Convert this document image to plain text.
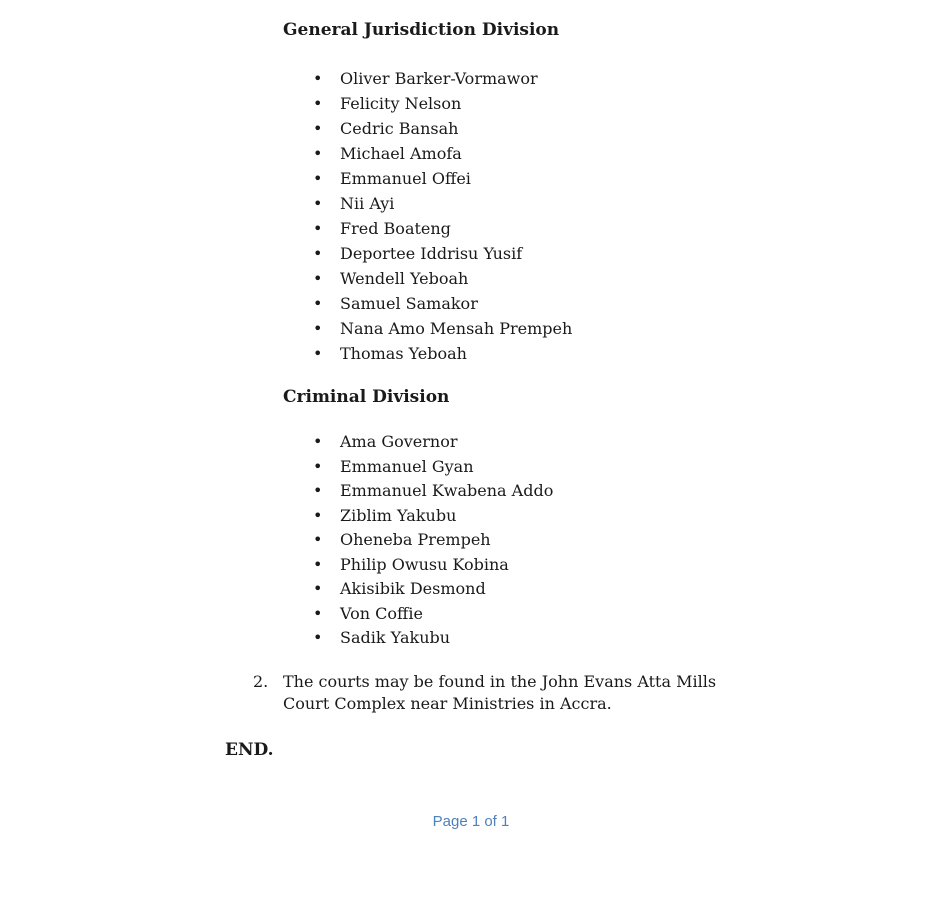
General Jurisdiction Division
• Oliver Barker-Vormawor
• Felicity Nelson
• Cedric Bansah
• Michael Amofa
• Emmanuel Offei
• Nii Ayi
• Fred Boateng
• Deportee Iddrisu Yusif
• Wendell Yeboah
• Samuel Samakor
• Nana Amo Mensah Prempeh
• Thomas Yeboah
Criminal Division
• Ama Governor
• Emmanuel Gyan
• Emmanuel Kwabena Addo
• Ziblim Yakubu
• Oheneba Prempeh
• Philip Owusu Kobina
• Akisibik Desmond
• Von Coffie
• Sadik Yakubu
2. The courts may be found in the John Evans Atta Mills Court Complex near Ministries in Accra.
END.
Page 1 of 1
